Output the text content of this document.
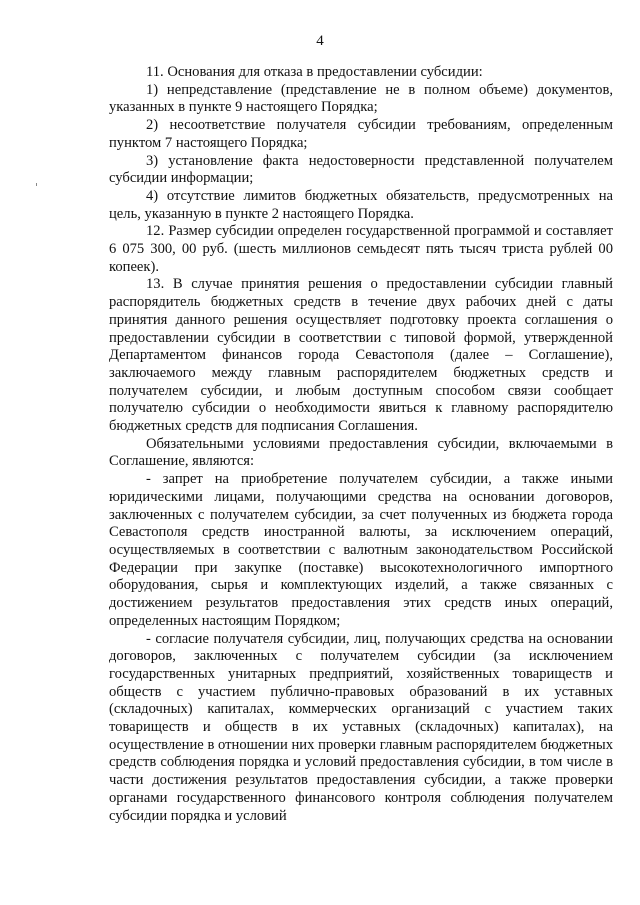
4

11. Основания для отказа в предоставлении субсидии:

1) непредставление (представление не в полном объеме) документов, указанных в пункте 9 настоящего Порядка;

2) несоответствие получателя субсидии требованиям, определенным пунктом 7 настоящего Порядка;

3) установление факта недостоверности представленной получателем субсидии информации;

4) отсутствие лимитов бюджетных обязательств, предусмотренных на цель, указанную в пункте 2 настоящего Порядка.

12. Размер субсидии определен государственной программой и составляет 6 075 300, 00 руб. (шесть миллионов семьдесят пять тысяч триста рублей 00 копеек).

13. В случае принятия решения о предоставлении субсидии главный распорядитель бюджетных средств в течение двух рабочих дней с даты принятия данного решения осуществляет подготовку проекта соглашения о предоставлении субсидии в соответствии с типовой формой, утвержденной Департаментом финансов города Севастополя (далее – Соглашение), заключаемого между главным распорядителем бюджетных средств и получателем субсидии, и любым доступным способом связи сообщает получателю субсидии о необходимости явиться к главному распорядителю бюджетных средств для подписания Соглашения.

Обязательными условиями предоставления субсидии, включаемыми в Соглашение, являются:

- запрет на приобретение получателем субсидии, а также иными юридическими лицами, получающими средства на основании договоров, заключенных с получателем субсидии, за счет полученных из бюджета города Севастополя средств иностранной валюты, за исключением операций, осуществляемых в соответствии с валютным законодательством Российской Федерации при закупке (поставке) высокотехнологичного импортного оборудования, сырья и комплектующих изделий, а также связанных с достижением результатов предоставления этих средств иных операций, определенных настоящим Порядком;

- согласие получателя субсидии, лиц, получающих средства на основании договоров, заключенных с получателем субсидии (за исключением государственных унитарных предприятий, хозяйственных товариществ и обществ с участием публично-правовых образований в их уставных (складочных) капиталах, коммерческих организаций с участием таких товариществ и обществ в их уставных (складочных) капиталах), на осуществление в отношении них проверки главным распорядителем бюджетных средств соблюдения порядка и условий предоставления субсидии, в том числе в части достижения результатов предоставления субсидии, а также проверки органами государственного финансового контроля соблюдения получателем субсидии порядка и условий
